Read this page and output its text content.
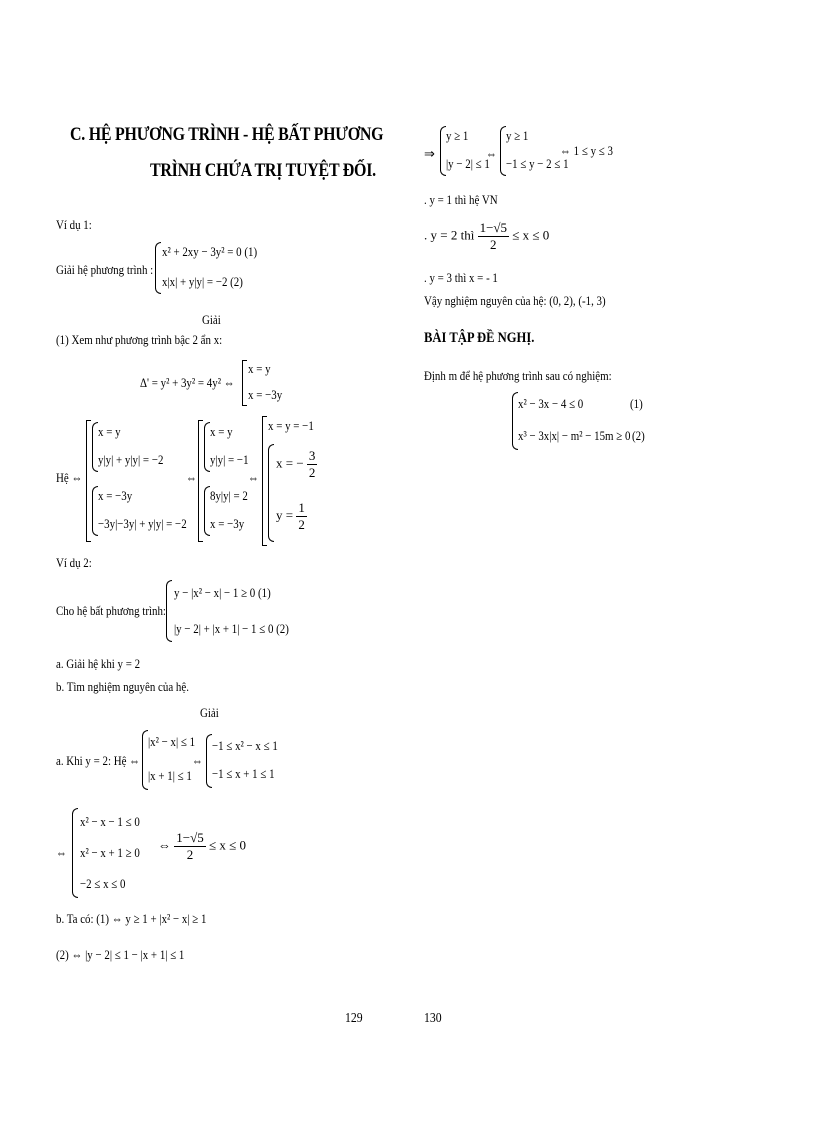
C. HỆ PHƯƠNG TRÌNH - HỆ BẤT PHƯƠNG
TRÌNH CHỨA TRỊ TUYỆT ĐỐI.
Ví dụ 1:
Giải hệ phương trình :
x² + 2xy − 3y² = 0 (1)
x|x| + y|y| = −2 (2)
Giải
(1) Xem như phương trình bậc 2 ẩn x:
Δ' = y² + 3y² = 4y² ⇔
x = y
x = −3y
Hệ ⇔
x = y
y|y| + y|y| = −2
x = −3y
−3y|−3y| + y|y| = −2
⇔
x = y
y|y| = −1
8y|y| = 2
x = −3y
⇔
x = y = −1
x = − $\frac{3}{2}$
$y = \frac{1}{2}$
Ví dụ 2:
Cho hệ bất phương trình:
y − |x² − x| − 1 ≥ 0 (1)
|y − 2| + |x + 1| − 1 ≤ 0 (2)
a. Giải hệ khi y = 2
b. Tìm nghiệm nguyên của hệ.
Giải
a. Khi y = 2: Hệ ⇔
|x² − x| ≤ 1
|x + 1| ≤ 1
⇔
−1 ≤ x² − x ≤ 1
−1 ≤ x + 1 ≤ 1
⇔
x² − x − 1 ≤ 0
x² − x + 1 ≥ 0
−2 ≤ x ≤ 0
⇔ $\frac{1-√5}{2} \le x \le 0$
b. Ta có: (1) ⇔ y ≥ 1 + |x² − x| ≥ 1
(2) ⇔ |y − 2| ≤ 1 − |x + 1| ≤ 1
129
⇒
y ≥ 1
|y − 2| ≤ 1
⇔
y ≥ 1
−1 ≤ y − 2 ≤ 1
⇔ 1 ≤ y ≤ 3
. y = 1 thì hệ VN
. y = 2 thì $\frac{1-√5}{2} \le x \le 0$
. y = 3 thì x = - 1
Vậy nghiệm nguyên của hệ: (0, 2), (-1, 3)
BÀI TẬP ĐỀ NGHỊ.
Định m để hệ phương trình sau có nghiệm:
x² − 3x − 4 ≤ 0	(1)
x³ − 3x|x| − m² − 15m ≥ 0 (2)
130
